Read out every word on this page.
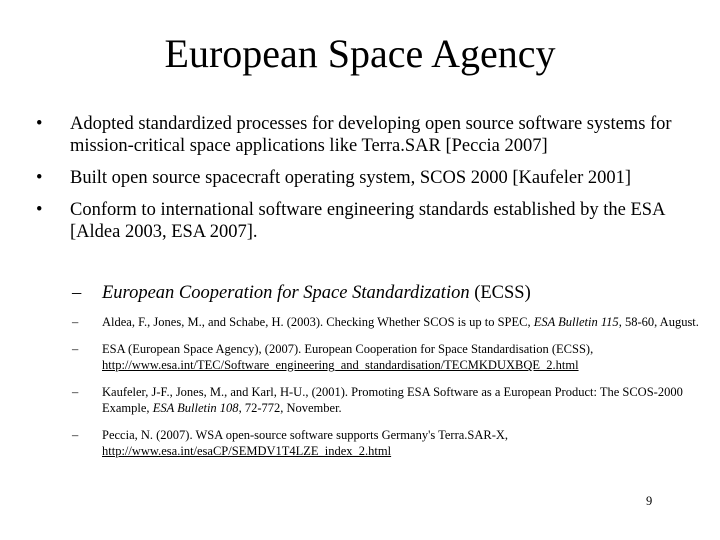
European Space Agency
•	Adopted standardized processes for developing open source software systems for mission-critical space applications like Terra.SAR [Peccia 2007]
•	Built open source spacecraft operating system, SCOS 2000 [Kaufeler 2001]
•	Conform to international software engineering standards established by the ESA [Aldea 2003, ESA 2007].
–	European Cooperation for Space Standardization (ECSS)
–	Aldea, F., Jones, M., and Schabe, H. (2003). Checking Whether SCOS is up to SPEC, ESA Bulletin 115, 58-60, August.
–	ESA (European Space Agency), (2007). European Cooperation for Space Standardisation (ECSS), http://www.esa.int/TEC/Software_engineering_and_standardisation/TECMKDUXBQE_2.html
–	Kaufeler, J-F., Jones, M., and Karl, H-U., (2001). Promoting ESA Software as a European Product: The SCOS-2000 Example, ESA Bulletin 108, 72-772, November.
–	Peccia, N. (2007). WSA open-source software supports Germany's Terra.SAR-X, http://www.esa.int/esaCP/SEMDV1T4LZE_index_2.html
9
